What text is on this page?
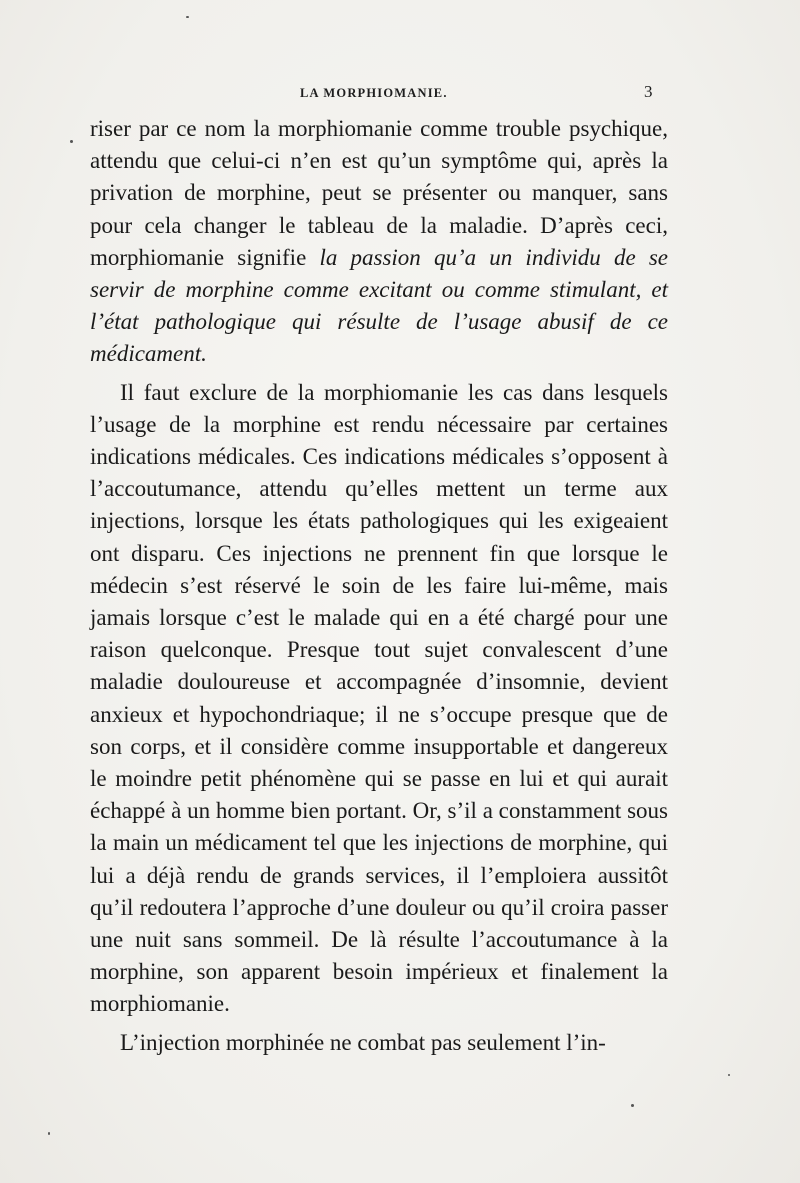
LA MORPHIOMANIE.	3

riser par ce nom la morphiomanie comme trouble psychique, attendu que celui-ci n’en est qu’un symptôme qui, après la privation de morphine, peut se présenter ou manquer, sans pour cela changer le tableau de la maladie. D’après ceci, morphiomanie signifie la passion qu’a un individu de se servir de morphine comme excitant ou comme stimulant, et l’état pathologique qui résulte de l’usage abusif de ce médicament.

Il faut exclure de la morphiomanie les cas dans lesquels l’usage de la morphine est rendu nécessaire par certaines indications médicales. Ces indications médicales s’opposent à l’accoutumance, attendu qu’elles mettent un terme aux injections, lorsque les états pathologiques qui les exigeaient ont disparu. Ces injections ne prennent fin que lorsque le médecin s’est réservé le soin de les faire lui-même, mais jamais lorsque c’est le malade qui en a été chargé pour une raison quelconque. Presque tout sujet convalescent d’une maladie douloureuse et accompagnée d’insomnie, devient anxieux et hypochondriaque; il ne s’occupe presque que de son corps, et il considère comme insupportable et dangereux le moindre petit phénomène qui se passe en lui et qui aurait échappé à un homme bien portant. Or, s’il a constamment sous la main un médicament tel que les injections de morphine, qui lui a déjà rendu de grands services, il l’emploiera aussitôt qu’il redoutera l’approche d’une douleur ou qu’il croira passer une nuit sans sommeil. De là résulte l’accoutumance à la morphine, son apparent besoin impérieux et finalement la morphiomanie.

L’injection morphinée ne combat pas seulement l’in-
